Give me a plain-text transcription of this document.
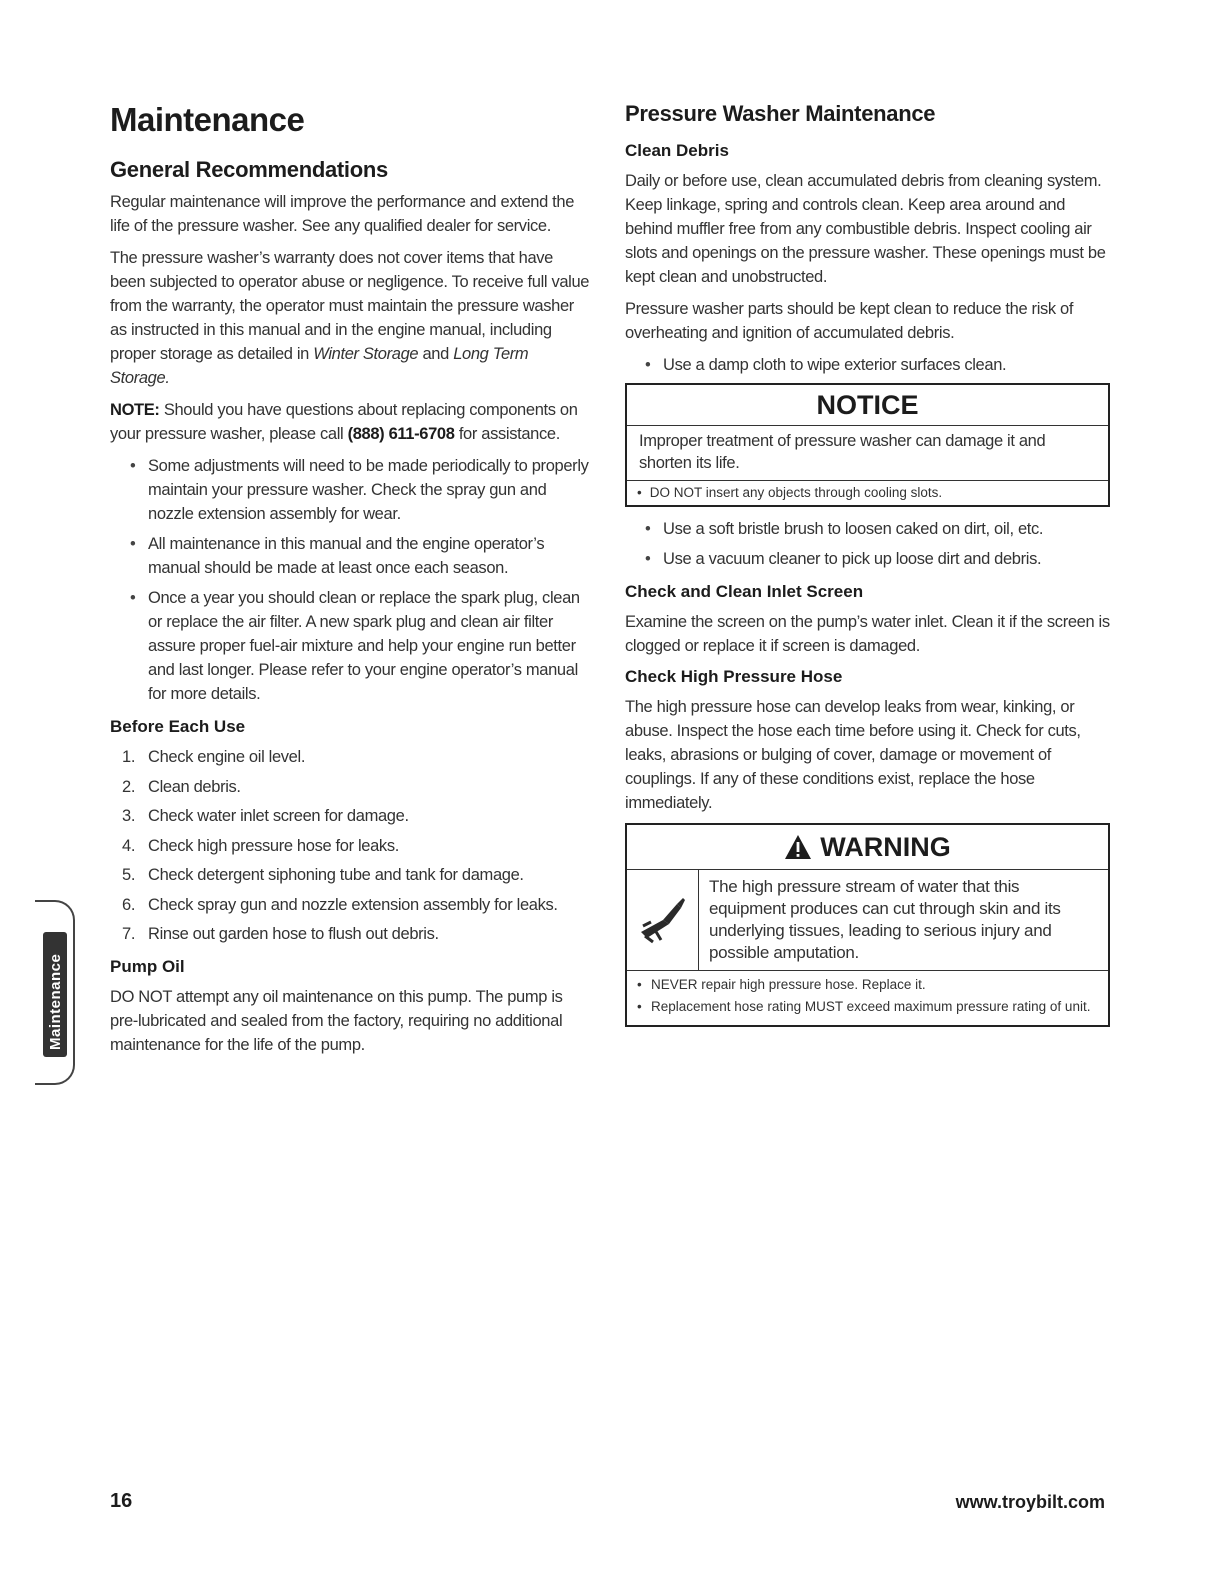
Maintenance
General Recommendations

Regular maintenance will improve the performance and extend the life of the pressure washer. See any qualified dealer for service.

The pressure washer’s warranty does not cover items that have been subjected to operator abuse or negligence. To receive full value from the warranty, the operator must maintain the pressure washer as instructed in this manual and in the engine manual, including proper storage as detailed in Winter Storage and Long Term Storage.

NOTE: Should you have questions about replacing components on your pressure washer, please call (888) 611-6708 for assistance.

• Some adjustments will need to be made periodically to properly maintain your pressure washer. Check the spray gun and nozzle extension assembly for wear.
• All maintenance in this manual and the engine operator’s manual should be made at least once each season.
• Once a year you should clean or replace the spark plug, clean or replace the air filter. A new spark plug and clean air filter assure proper fuel-air mixture and help your engine run better and last longer. Please refer to your engine operator’s manual for more details.
Before Each Use
1. Check engine oil level.
2. Clean debris.
3. Check water inlet screen for damage.
4. Check high pressure hose for leaks.
5. Check detergent siphoning tube and tank for damage.
6. Check spray gun and nozzle extension assembly for leaks.
7. Rinse out garden hose to flush out debris.
Pump Oil

DO NOT attempt any oil maintenance on this pump. The pump is pre-lubricated and sealed from the factory, requiring no additional maintenance for the life of the pump.

Pressure Washer Maintenance
Clean Debris

Daily or before use, clean accumulated debris from cleaning system. Keep linkage, spring and controls clean. Keep area around and behind muffler free from any combustible debris. Inspect cooling air slots and openings on the pressure washer. These openings must be kept clean and unobstructed.

Pressure washer parts should be kept clean to reduce the risk of overheating and ignition of accumulated debris.

• Use a damp cloth to wipe exterior surfaces clean.
NOTICE
Improper treatment of pressure washer can damage it and shorten its life.
• DO NOT insert any objects through cooling slots.
• Use a soft bristle brush to loosen caked on dirt, oil, etc.
• Use a vacuum cleaner to pick up loose dirt and debris.
Check and Clean Inlet Screen

Examine the screen on the pump’s water inlet. Clean it if the screen is clogged or replace it if screen is damaged.

Check High Pressure Hose

The high pressure hose can develop leaks from wear, kinking, or abuse. Inspect the hose each time before using it. Check for cuts, leaks, abrasions or bulging of cover, damage or movement of couplings. If any of these conditions exist, replace the hose immediately.

WARNING
The high pressure stream of water that this equipment produces can cut through skin and its underlying tissues, leading to serious injury and possible amputation.
• NEVER repair high pressure hose. Replace it.
• Replacement hose rating MUST exceed maximum pressure rating of unit.
Maintenance
16	www.troybilt.com
